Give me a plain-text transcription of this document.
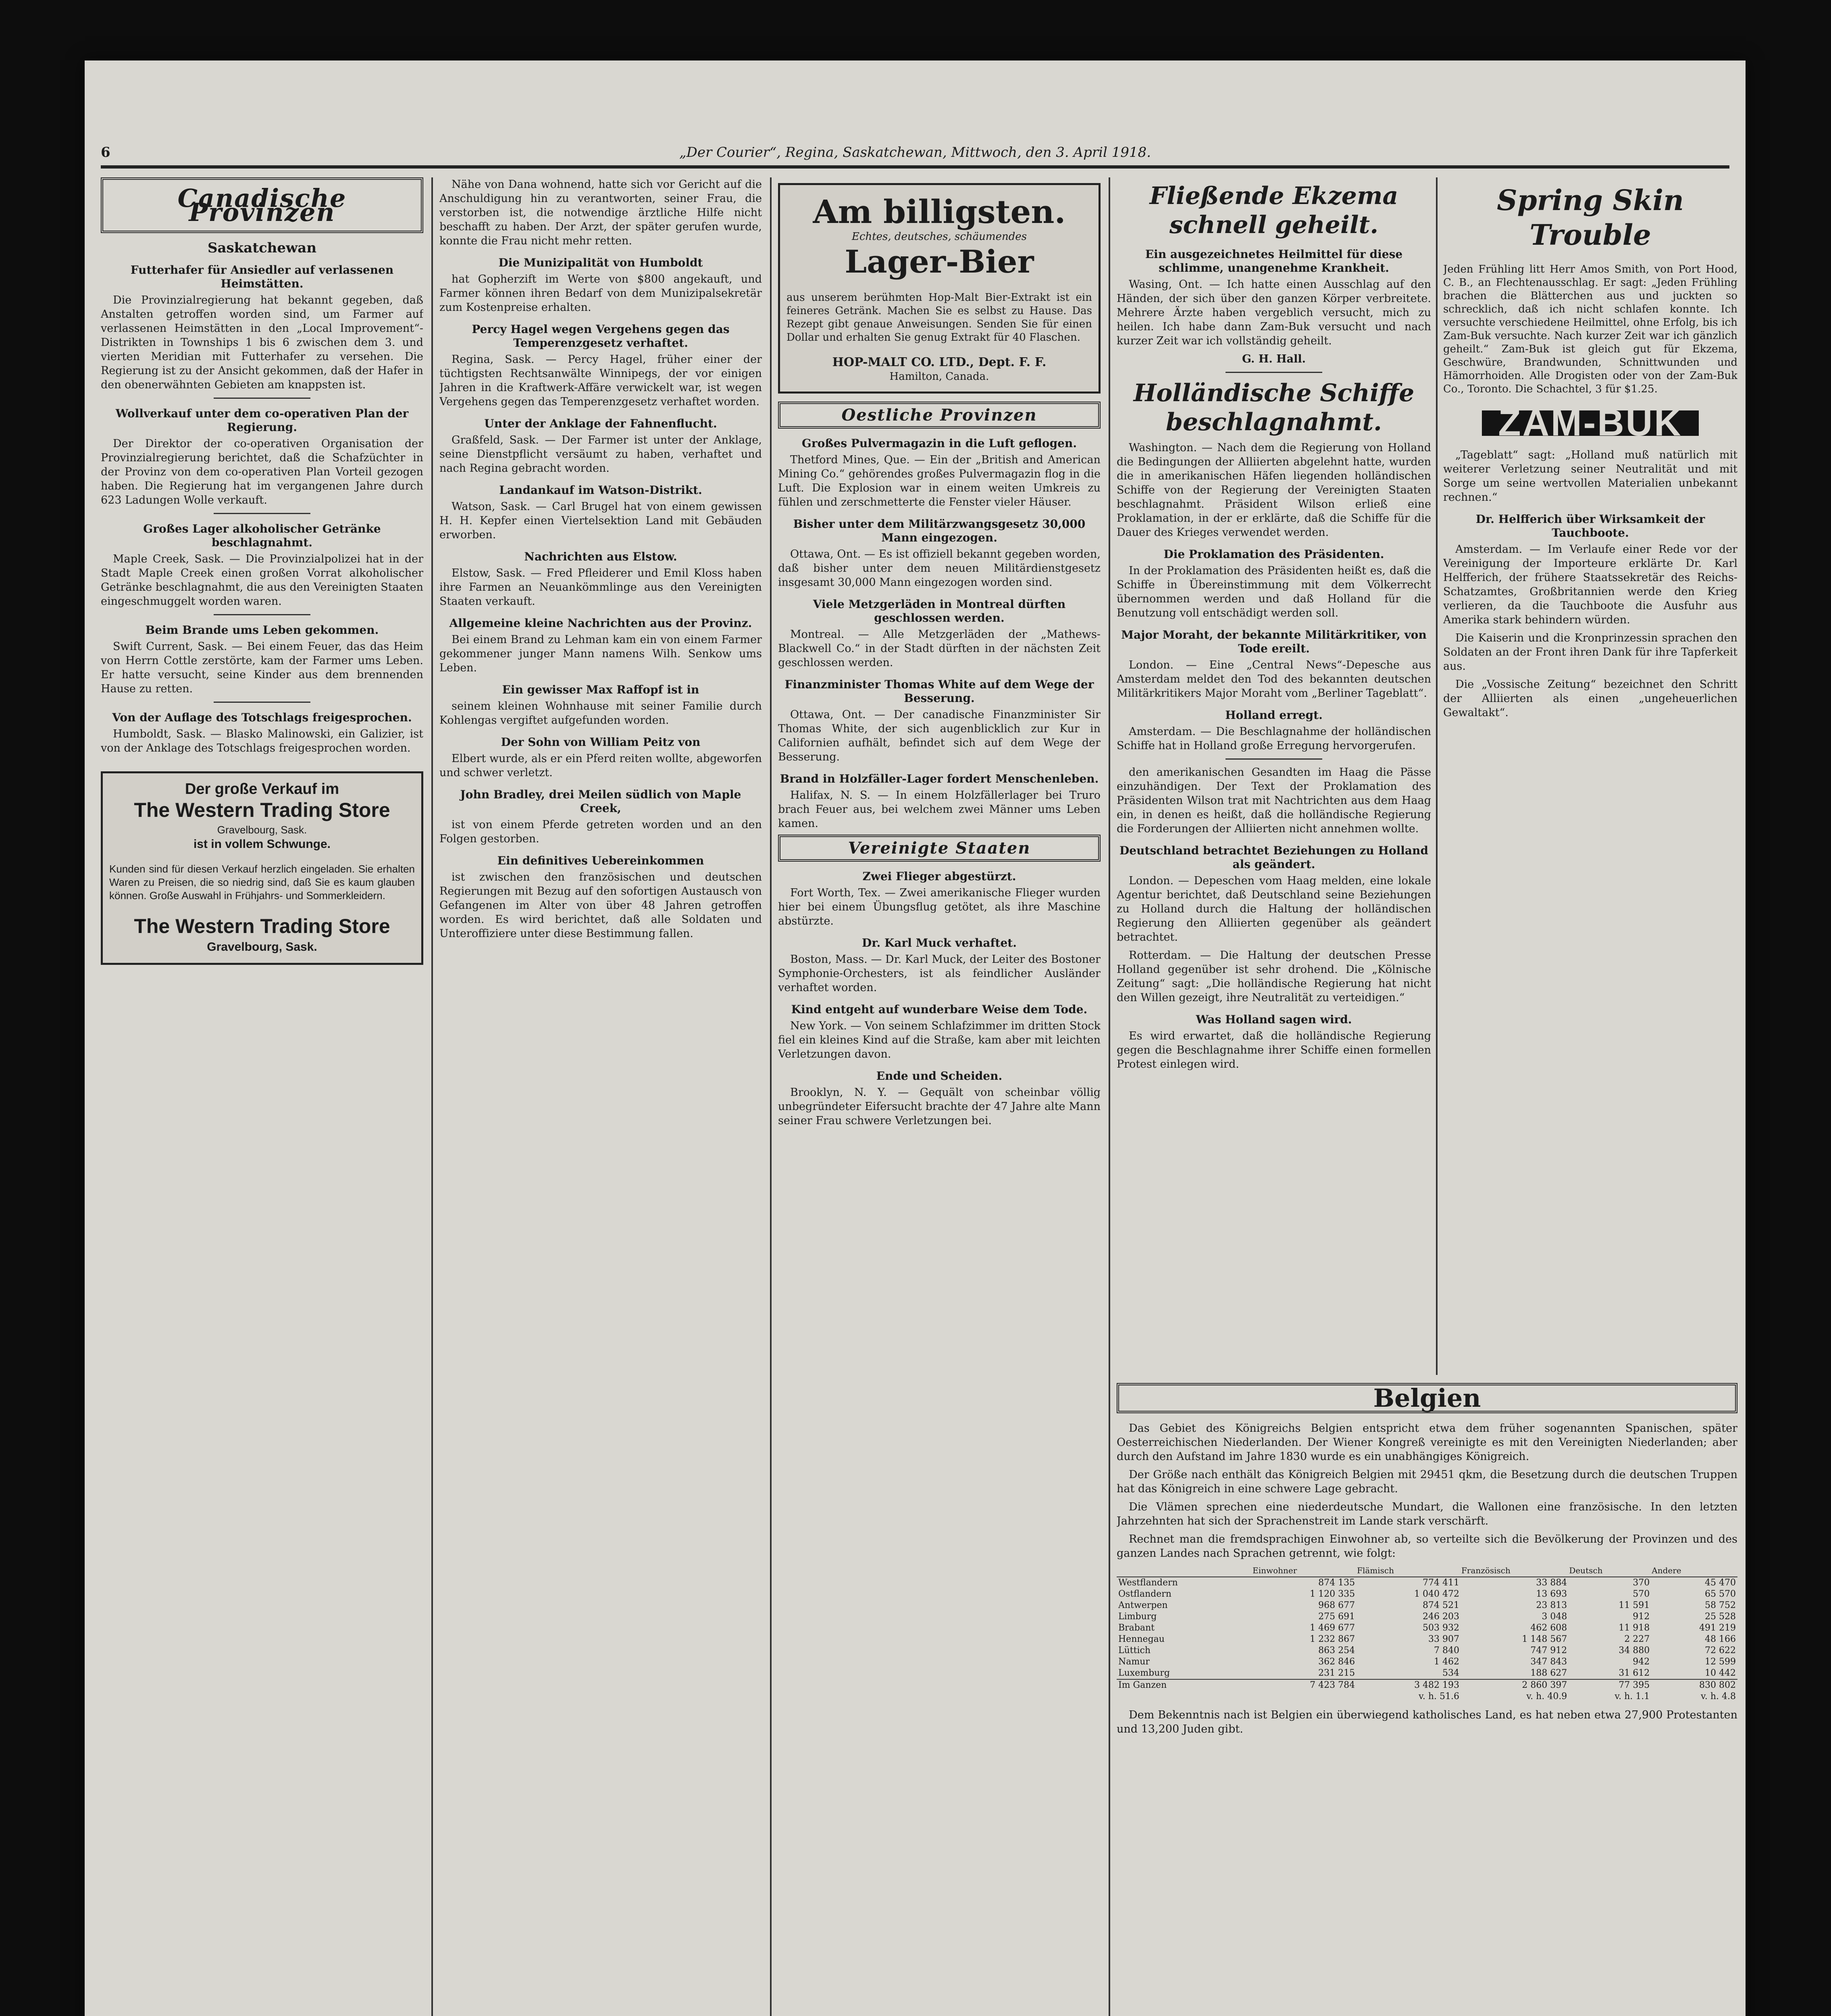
6	„Der Courier“, Regina, Saskatchewan, Mittwoch, den 3. April 1918.
Canadische Provinzen
Saskatchewan
Futterhafer für Ansiedler auf verlassenen Heimstätten.

Die Provinzialregierung hat bekannt gegeben, daß Anstalten getroffen worden sind, um Farmer auf verlassenen Heimstätten in den „Local Improvement“-Distrikten in Townships 1 bis 6 zwischen dem 3. und vierten Meridian mit Futterhafer zu versehen. Die Regierung ist zu der Ansicht gekommen, daß der Hafer in den obenerwähnten Gebieten am knappsten ist.

Wollverkauf unter dem co-operativen Plan der Regierung.

Der Direktor der co-operativen Organisation der Provinzialregierung berichtet, daß die Schafzüchter in der Provinz von dem co-operativen Plan Vorteil gezogen haben. Die Regierung hat im vergangenen Jahre durch 623 Ladungen Wolle verkauft.

Großes Lager alkoholischer Getränke beschlagnahmt.

Maple Creek, Sask. — Die Provinzialpolizei hat in der Stadt Maple Creek einen großen Vorrat alkoholischer Getränke beschlagnahmt, die aus den Vereinigten Staaten eingeschmuggelt worden waren.

Beim Brande ums Leben gekommen.

Swift Current, Sask. — Bei einem Feuer, das das Heim von Herrn Cottle zerstörte, kam der Farmer ums Leben. Er hatte versucht, seine Kinder aus dem brennenden Hause zu retten.

Von der Auflage des Totschlags freigesprochen.

Humboldt, Sask. — Blasko Malinowski, ein Galizier, ist von der Anklage des Totschlags freigesprochen worden.

Der große Verkauf im
The Western Trading Store
Gravelbourg, Sask.
ist in vollem Schwunge.

Kunden sind für diesen Verkauf herzlich eingeladen. Sie erhalten Waren zu Preisen, die so niedrig sind, daß Sie es kaum glauben können. Große Auswahl in Frühjahrs- und Sommerkleidern.

The Western Trading Store
Gravelbourg, Sask.

Nähe von Dana wohnend, hatte sich vor Gericht auf die Anschuldigung hin zu verantworten, seiner Frau, die verstorben ist, die notwendige ärztliche Hilfe nicht beschafft zu haben. Der Arzt, der später gerufen wurde, konnte die Frau nicht mehr retten.

Die Munizipalität von Humboldt

hat Gopherzift im Werte von $800 angekauft, und Farmer können ihren Bedarf von dem Munizipalsekretär zum Kostenpreise erhalten.

Percy Hagel wegen Vergehens gegen das Temperenzgesetz verhaftet.

Regina, Sask. — Percy Hagel, früher einer der tüchtigsten Rechtsanwälte Winnipegs, der vor einigen Jahren in die Kraftwerk-Affäre verwickelt war, ist wegen Vergehens gegen das Temperenzgesetz verhaftet worden.

Unter der Anklage der Fahnenflucht.

Graßfeld, Sask. — Der Farmer ist unter der Anklage, seine Dienstpflicht versäumt zu haben, verhaftet und nach Regina gebracht worden.

Landankauf im Watson-Distrikt.

Watson, Sask. — Carl Brugel hat von einem gewissen H. H. Kepfer einen Viertelsektion Land mit Gebäuden erworben.

Nachrichten aus Elstow.

Elstow, Sask. — Fred Pfleiderer und Emil Kloss haben ihre Farmen an Neuankömmlinge aus den Vereinigten Staaten verkauft.

Allgemeine kleine Nachrichten aus der Provinz.

Bei einem Brand zu Lehman kam ein von einem Farmer gekommener junger Mann namens Wilh. Senkow ums Leben.

Ein gewisser Max Raffopf ist in

seinem kleinen Wohnhause mit seiner Familie durch Kohlengas vergiftet aufgefunden worden.

Der Sohn von William Peitz von

Elbert wurde, als er ein Pferd reiten wollte, abgeworfen und schwer verletzt.

John Bradley, drei Meilen südlich von Maple Creek,

ist von einem Pferde getreten worden und an den Folgen gestorben.

Ein definitives Uebereinkommen

ist zwischen den französischen und deutschen Regierungen mit Bezug auf den sofortigen Austausch von Gefangenen im Alter von über 48 Jahren getroffen worden. Es wird berichtet, daß alle Soldaten und Unteroffiziere unter diese Bestimmung fallen.

Am billigsten.
Echtes, deutsches, schäumendes
Lager-Bier

aus unserem berühmten Hop-Malt Bier-Extrakt ist ein feineres Getränk. Machen Sie es selbst zu Hause. Das Rezept gibt genaue Anweisungen. Senden Sie für einen Dollar und erhalten Sie genug Extrakt für 40 Flaschen.

HOP-MALT CO. LTD., Dept. F. F.
Hamilton, Canada.
Oestliche Provinzen
Großes Pulvermagazin in die Luft geflogen.

Thetford Mines, Que. — Ein der „British and American Mining Co.“ gehörendes großes Pulvermagazin flog in die Luft. Die Explosion war in einem weiten Umkreis zu fühlen und zerschmetterte die Fenster vieler Häuser.

Bisher unter dem Militärzwangsgesetz 30,000 Mann eingezogen.

Ottawa, Ont. — Es ist offiziell bekannt gegeben worden, daß bisher unter dem neuen Militärdienstgesetz insgesamt 30,000 Mann eingezogen worden sind.

Viele Metzgerläden in Montreal dürften geschlossen werden.

Montreal. — Alle Metzgerläden der „Mathews-Blackwell Co.“ in der Stadt dürften in der nächsten Zeit geschlossen werden.

Finanzminister Thomas White auf dem Wege der Besserung.

Ottawa, Ont. — Der canadische Finanzminister Sir Thomas White, der sich augenblicklich zur Kur in Californien aufhält, befindet sich auf dem Wege der Besserung.

Brand in Holzfäller-Lager fordert Menschenleben.

Halifax, N. S. — In einem Holzfällerlager bei Truro brach Feuer aus, bei welchem zwei Männer ums Leben kamen.

Vereinigte Staaten
Zwei Flieger abgestürzt.

Fort Worth, Tex. — Zwei amerikanische Flieger wurden hier bei einem Übungsflug getötet, als ihre Maschine abstürzte.

Dr. Karl Muck verhaftet.

Boston, Mass. — Dr. Karl Muck, der Leiter des Bostoner Symphonie-Orchesters, ist als feindlicher Ausländer verhaftet worden.

Kind entgeht auf wunderbare Weise dem Tode.

New York. — Von seinem Schlafzimmer im dritten Stock fiel ein kleines Kind auf die Straße, kam aber mit leichten Verletzungen davon.

Ende und Scheiden.

Brooklyn, N. Y. — Gequält von scheinbar völlig unbegründeter Eifersucht brachte der 47 Jahre alte Mann seiner Frau schwere Verletzungen bei.

Fließende Ekzema schnell geheilt.
Ein ausgezeichnetes Heilmittel für diese schlimme, unangenehme Krankheit.

Wasing, Ont. — Ich hatte einen Ausschlag auf den Händen, der sich über den ganzen Körper verbreitete. Mehrere Ärzte haben vergeblich versucht, mich zu heilen. Ich habe dann Zam-Buk versucht und nach kurzer Zeit war ich vollständig geheilt.

G. H. Hall.
Holländische Schiffe beschlagnahmt.

Washington. — Nach dem die Regierung von Holland die Bedingungen der Alliierten abgelehnt hatte, wurden die in amerikanischen Häfen liegenden holländischen Schiffe von der Regierung der Vereinigten Staaten beschlagnahmt. Präsident Wilson erließ eine Proklamation, in der er erklärte, daß die Schiffe für die Dauer des Krieges verwendet werden.

Die Proklamation des Präsidenten.

In der Proklamation des Präsidenten heißt es, daß die Schiffe in Übereinstimmung mit dem Völkerrecht übernommen werden und daß Holland für die Benutzung voll entschädigt werden soll.

Major Moraht, der bekannte Militärkritiker, von Tode ereilt.

London. — Eine „Central News“-Depesche aus Amsterdam meldet den Tod des bekannten deutschen Militärkritikers Major Moraht vom „Berliner Tageblatt“.

Holland erregt.

Amsterdam. — Die Beschlagnahme der holländischen Schiffe hat in Holland große Erregung hervorgerufen.

den amerikanischen Gesandten im Haag die Pässe einzuhändigen. Der Text der Proklamation des Präsidenten Wilson trat mit Nachtrichten aus dem Haag ein, in denen es heißt, daß die holländische Regierung die Forderungen der Alliierten nicht annehmen wollte.

Deutschland betrachtet Beziehungen zu Holland als geändert.

London. — Depeschen vom Haag melden, eine lokale Agentur berichtet, daß Deutschland seine Beziehungen zu Holland durch die Haltung der holländischen Regierung den Alliierten gegenüber als geändert betrachtet.

Rotterdam. — Die Haltung der deutschen Presse Holland gegenüber ist sehr drohend. Die „Kölnische Zeitung“ sagt: „Die holländische Regierung hat nicht den Willen gezeigt, ihre Neutralität zu verteidigen.“

Was Holland sagen wird.

Es wird erwartet, daß die holländische Regierung gegen die Beschlagnahme ihrer Schiffe einen formellen Protest einlegen wird.

Spring Skin Trouble

Jeden Frühling litt Herr Amos Smith, von Port Hood, C. B., an Flechtenausschlag. Er sagt: „Jeden Frühling brachen die Blätterchen aus und juckten so schrecklich, daß ich nicht schlafen konnte. Ich versuchte verschiedene Heilmittel, ohne Erfolg, bis ich Zam-Buk versuchte. Nach kurzer Zeit war ich gänzlich geheilt.“ Zam-Buk ist gleich gut für Ekzema, Geschwüre, Brandwunden, Schnittwunden und Hämorrhoiden. Alle Drogisten oder von der Zam-Buk Co., Toronto. Die Schachtel, 3 für $1.25.

ZAM-BUK

„Tageblatt“ sagt: „Holland muß natürlich mit weiterer Verletzung seiner Neutralität und mit Sorge um seine wertvollen Materialien unbekannt rechnen.“

Dr. Helfferich über Wirksamkeit der Tauchboote.

Amsterdam. — Im Verlaufe einer Rede vor der Vereinigung der Importeure erklärte Dr. Karl Helfferich, der frühere Staatssekretär des Reichs-Schatzamtes, Großbritannien werde den Krieg verlieren, da die Tauchboote die Ausfuhr aus Amerika stark behindern würden.

Die Kaiserin und die Kronprinzessin sprachen den Soldaten an der Front ihren Dank für ihre Tapferkeit aus.

Die „Vossische Zeitung“ bezeichnet den Schritt der Alliierten als einen „ungeheuerlichen Gewaltakt“.

Belgien

Das Gebiet des Königreichs Belgien entspricht etwa dem früher sogenannten Spanischen, später Oesterreichischen Niederlanden. Der Wiener Kongreß vereinigte es mit den Vereinigten Niederlanden; aber durch den Aufstand im Jahre 1830 wurde es ein unabhängiges Königreich.

Der Größe nach enthält das Königreich Belgien mit 29451 qkm, die Besetzung durch die deutschen Truppen hat das Königreich in eine schwere Lage gebracht.

Die Vlämen sprechen eine niederdeutsche Mundart, die Wallonen eine französische. In den letzten Jahrzehnten hat sich der Sprachenstreit im Lande stark verschärft.

Rechnet man die fremdsprachigen Einwohner ab, so verteilte sich die Bevölkerung der Provinzen und des ganzen Landes nach Sprachen getrennt, wie folgt:

	Einwohner	Flämisch	Französisch	Deutsch	Andere
Westflandern	874 135	774 411	33 884	370	45 470
Ostflandern	1 120 335	1 040 472	13 693	570	65 570
Antwerpen	968 677	874 521	23 813	11 591	58 752
Limburg	275 691	246 203	3 048	912	25 528
Brabant	1 469 677	503 932	462 608	11 918	491 219
Hennegau	1 232 867	33 907	1 148 567	2 227	48 166
Lüttich	863 254	7 840	747 912	34 880	72 622
Namur	362 846	1 462	347 843	942	12 599
Luxemburg	231 215	534	188 627	31 612	10 442
Im Ganzen	7 423 784	3 482 193	2 860 397	77 395	830 802
		v. h. 51.6	v. h. 40.9	v. h. 1.1	v. h. 4.8

Dem Bekenntnis nach ist Belgien ein überwiegend katholisches Land, es hat neben etwa 27,900 Protestanten und 13,200 Juden gibt.
